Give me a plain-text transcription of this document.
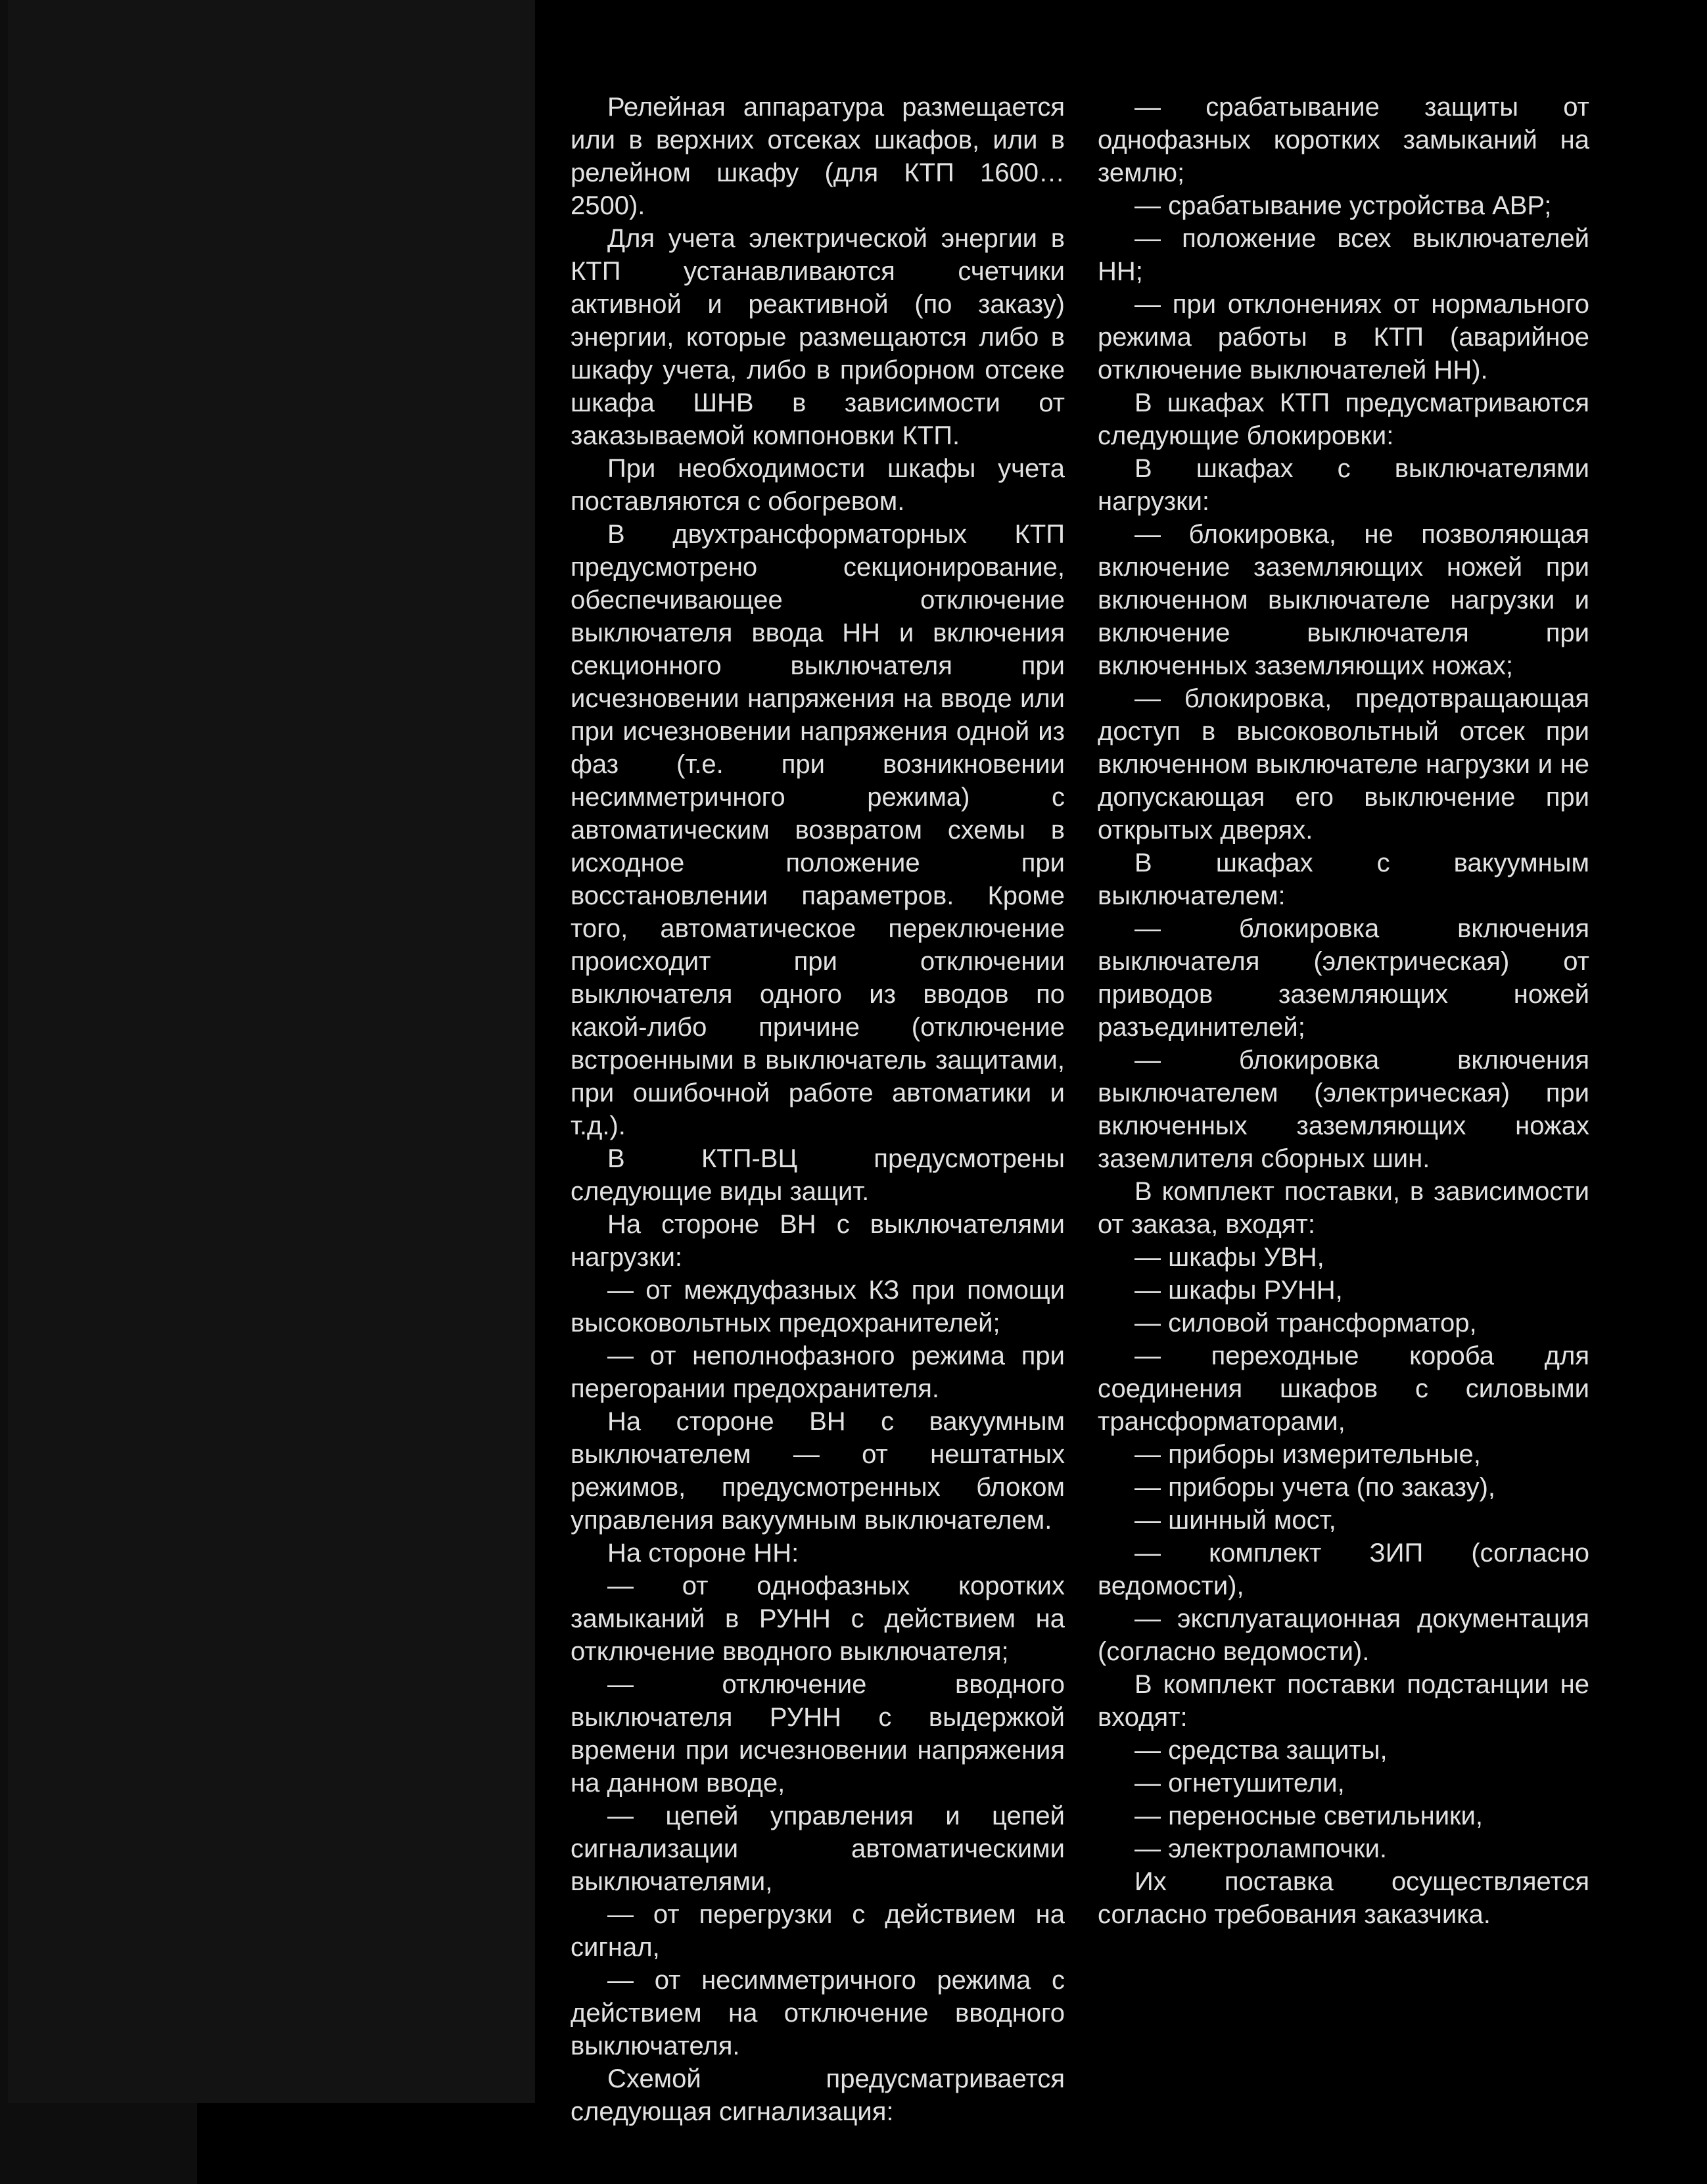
Релейная аппаратура размещается или в верхних отсеках шкафов, или в релейном шкафу (для КТП 1600…2500).

Для учета электрической энергии в КТП устанавливаются счетчики активной и реактивной (по заказу) энергии, которые размещаются либо в шкафу учета, либо в приборном отсеке шкафа ШНВ в зависимости от заказываемой компоновки КТП.

При необходимости шкафы учета поставляются с обогревом.

В двухтрансформаторных КТП предусмотрено секционирование, обеспечивающее отключение выключателя ввода НН и включения секционного выключателя при исчезновении напряжения на вводе или при исчезновении напряжения одной из фаз (т.е. при возникновении несимметричного режима) с автоматическим возвратом схемы в исходное положение при восстановлении параметров. Кроме того, автоматическое переключение происходит при отключении выключателя одного из вводов по какой-либо причине (отключение встроенными в выключатель защитами, при ошибочной работе автоматики и т.д.).

В КТП-ВЦ предусмотрены следующие виды защит.

На стороне ВН с выключателями нагрузки:

— от междуфазных КЗ при помощи высоковольтных предохранителей;

— от неполнофазного режима при перегорании предохранителя.

На стороне ВН с вакуумным выключателем — от нештатных режимов, предусмотренных блоком управления вакуумным выключателем.

На стороне НН:

— от однофазных коротких замыканий в РУНН с действием на отключение вводного выключателя;

— отключение вводного выключателя РУНН с выдержкой времени при исчезновении напряжения на данном вводе,

— цепей управления и цепей сигнализации автоматическими выключателями,

— от перегрузки с действием на сигнал,

— от несимметричного режима с действием на отключение вводного выключателя.

Схемой предусматривается следующая сигнализация:

— срабатывание защиты от однофазных коротких замыканий на землю;

— срабатывание устройства АВР;

— положение всех выключателей НН;

— при отклонениях от нормального режима работы в КТП (аварийное отключение выключателей НН).

В шкафах КТП предусматриваются следующие блокировки:

В шкафах с выключателями нагрузки:

— блокировка, не позволяющая включение заземляющих ножей при включенном выключателе нагрузки и включение выключателя при включенных заземляющих ножах;

— блокировка, предотвращающая доступ в высоковольтный отсек при включенном выключателе нагрузки и не допускающая его выключение при открытых дверях.

В шкафах с вакуумным выключателем:

— блокировка включения выключателя (электрическая) от приводов заземляющих ножей разъединителей;

— блокировка включения выключателем (электрическая) при включенных заземляющих ножах заземлителя сборных шин.

В комплект поставки, в зависимости от заказа, входят:

— шкафы УВН,

— шкафы РУНН,

— силовой трансформатор,

— переходные короба для соединения шкафов с силовыми трансформаторами,

— приборы измерительные,

— приборы учета (по заказу),

— шинный мост,

— комплект ЗИП (согласно ведомости),

— эксплуатационная документация (согласно ведомости).

В комплект поставки подстанции не входят:

— средства защиты,

— огнетушители,

— переносные светильники,

— электролампочки.

Их поставка осуществляется согласно требования заказчика.
